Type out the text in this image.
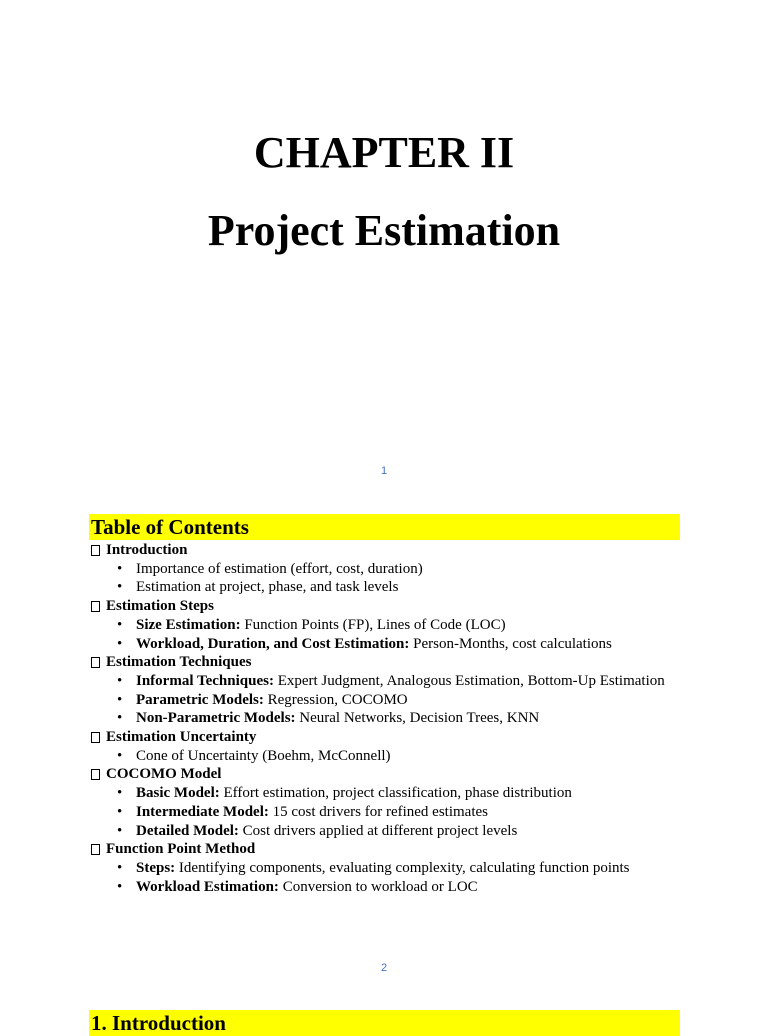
CHAPTER II
Project Estimation
1
Table of Contents
Introduction
• Importance of estimation (effort, cost, duration)
• Estimation at project, phase, and task levels
Estimation Steps
• Size Estimation: Function Points (FP), Lines of Code (LOC)
• Workload, Duration, and Cost Estimation: Person-Months, cost calculations
Estimation Techniques
• Informal Techniques: Expert Judgment, Analogous Estimation, Bottom-Up Estimation
• Parametric Models: Regression, COCOMO
• Non-Parametric Models: Neural Networks, Decision Trees, KNN
Estimation Uncertainty
• Cone of Uncertainty (Boehm, McConnell)
COCOMO Model
• Basic Model: Effort estimation, project classification, phase distribution
• Intermediate Model: 15 cost drivers for refined estimates
• Detailed Model: Cost drivers applied at different project levels
Function Point Method
• Steps: Identifying components, evaluating complexity, calculating function points
• Workload Estimation: Conversion to workload or LOC
2
1. Introduction
